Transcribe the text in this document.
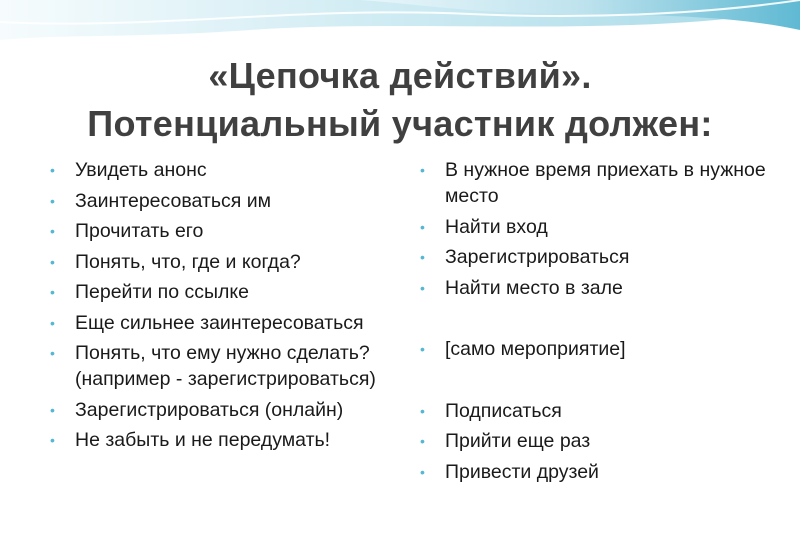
«Цепочка действий».
Потенциальный участник должен:
• Увидеть анонс
• Заинтересоваться им
• Прочитать его
• Понять, что, где и когда?
• Перейти по ссылке
• Еще сильнее заинтересоваться
• Понять, что ему нужно сделать? (например - зарегистрироваться)
• Зарегистрироваться (онлайн)
• Не забыть и не передумать!
• В нужное время приехать в нужное место
• Найти вход
• Зарегистрироваться
• Найти место в зале
• [само мероприятие]
• Подписаться
• Прийти еще раз
• Привести друзей
